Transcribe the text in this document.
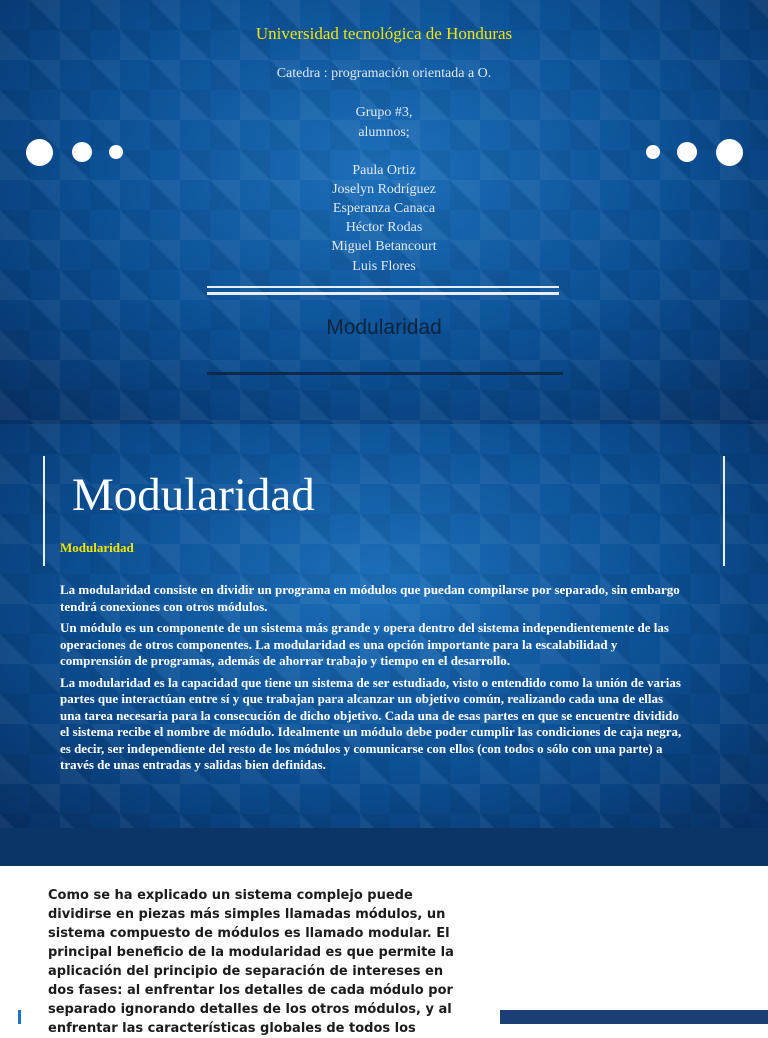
Universidad tecnológica de Honduras
Catedra : programación orientada a O.
Grupo #3,
alumnos;
Paula Ortiz
Joselyn Rodríguez
Esperanza Canaca
Héctor Rodas
Miguel Betancourt
Luis Flores
Modularidad
Modularidad
Modularidad

La modularidad consiste en dividir un programa en módulos que puedan compilarse por separado, sin embargo tendrá conexiones con otros módulos.

Un módulo es un componente de un sistema más grande y opera dentro del sistema independientemente de las operaciones de otros componentes. La modularidad es una opción importante para la escalabilidad y comprensión de programas, además de ahorrar trabajo y tiempo en el desarrollo.

La modularidad es la capacidad que tiene un sistema de ser estudiado, visto o entendido como la unión de varias partes que interactúan entre sí y que trabajan para alcanzar un objetivo común, realizando cada una de ellas una tarea necesaria para la consecución de dicho objetivo. Cada una de esas partes en que se encuentre dividido el sistema recibe el nombre de módulo. Idealmente un módulo debe poder cumplir las condiciones de caja negra, es decir, ser independiente del resto de los módulos y comunicarse con ellos (con todos o sólo con una parte) a través de unas entradas y salidas bien definidas.

Como se ha explicado un sistema complejo puede dividirse en piezas más simples llamadas módulos, un sistema compuesto de módulos es llamado modular. El principal beneficio de la modularidad es que permite la aplicación del principio de separación de intereses en dos fases: al enfrentar los detalles de cada módulo por separado ignorando detalles de los otros módulos, y al enfrentar las características globales de todos los
